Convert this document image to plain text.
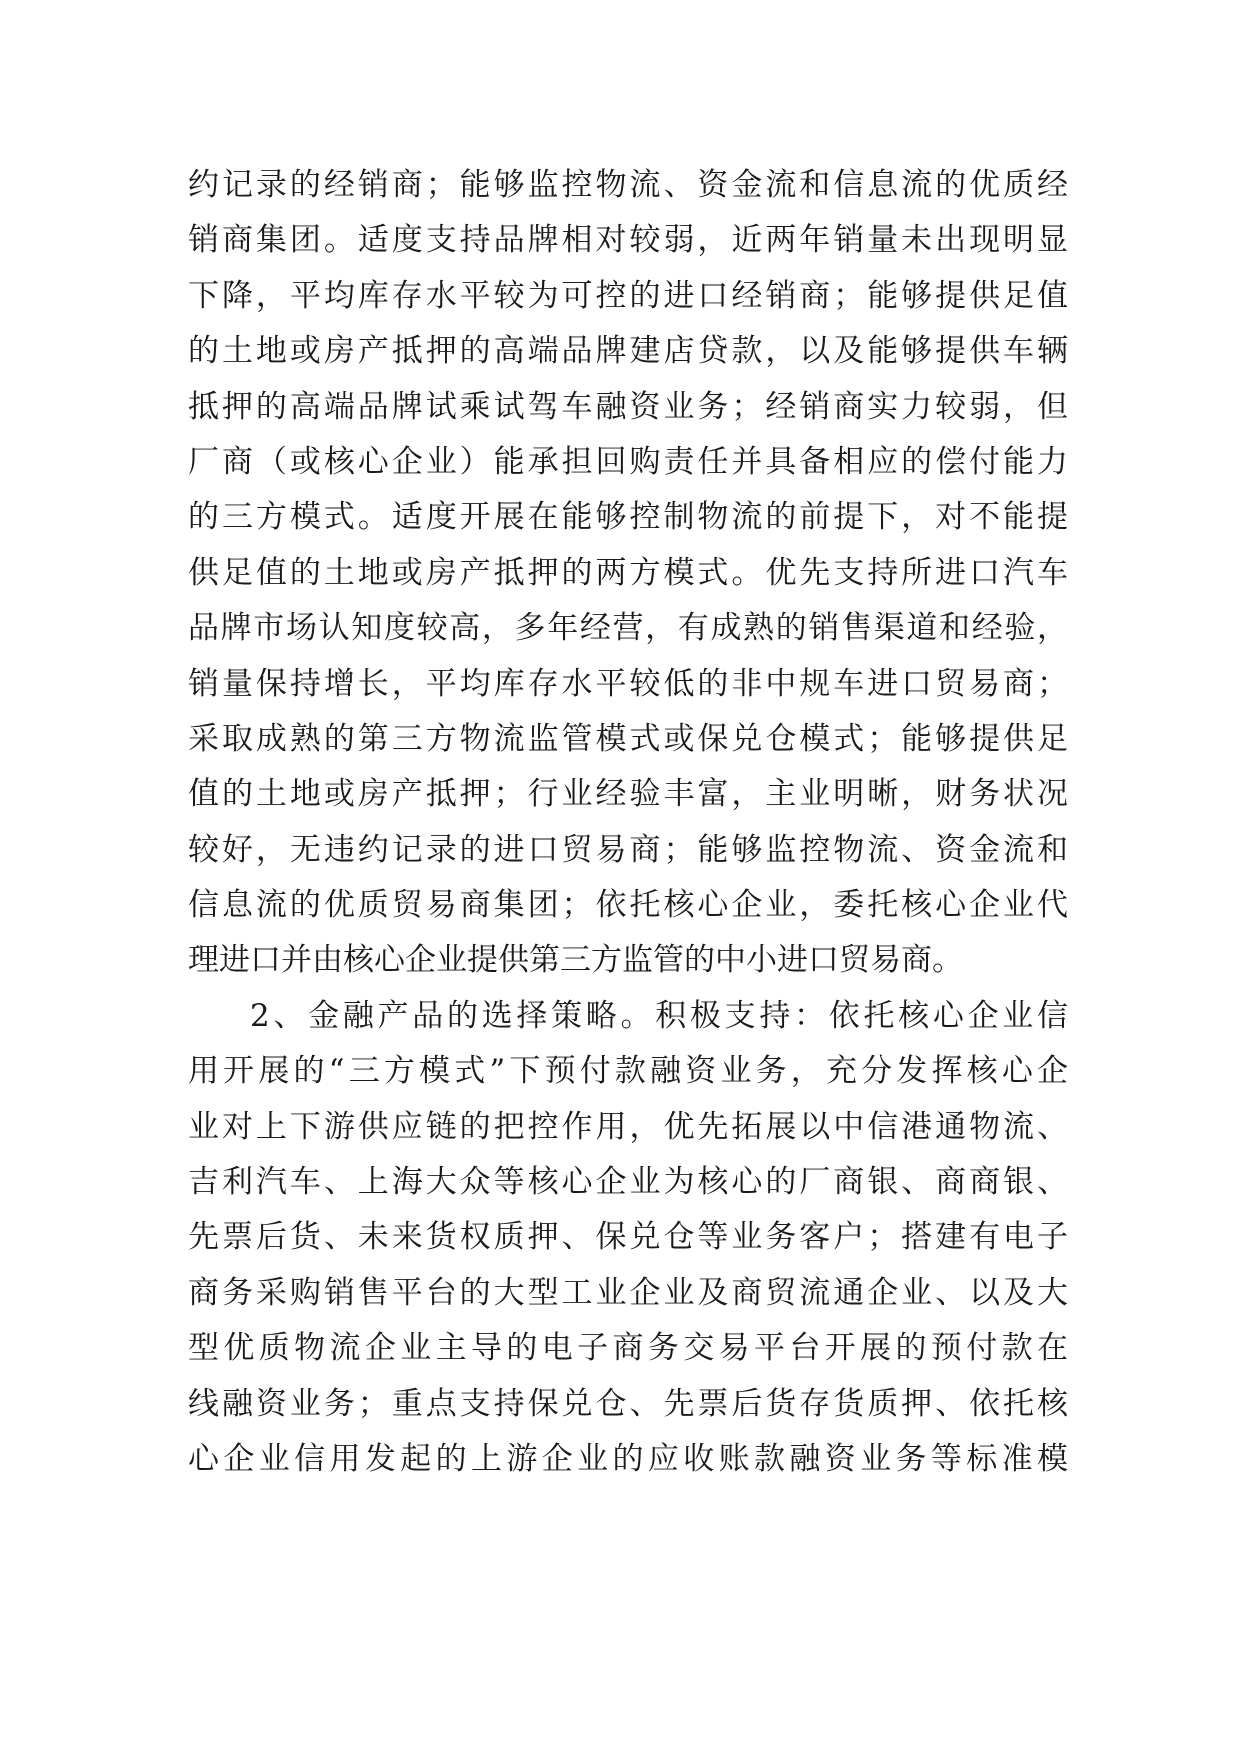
约记录的经销商；能够监控物流、资金流和信息流的优质经
销商集团。适度支持品牌相对较弱，近两年销量未出现明显
下降，平均库存水平较为可控的进口经销商；能够提供足值
的土地或房产抵押的高端品牌建店贷款，以及能够提供车辆
抵押的高端品牌试乘试驾车融资业务；经销商实力较弱，但
厂商（或核心企业）能承担回购责任并具备相应的偿付能力
的三方模式。适度开展在能够控制物流的前提下，对不能提
供足值的土地或房产抵押的两方模式。优先支持所进口汽车
品牌市场认知度较高，多年经营，有成熟的销售渠道和经验，
销量保持增长，平均库存水平较低的非中规车进口贸易商；
采取成熟的第三方物流监管模式或保兑仓模式；能够提供足
值的土地或房产抵押；行业经验丰富，主业明晰，财务状况
较好，无违约记录的进口贸易商；能够监控物流、资金流和
信息流的优质贸易商集团；依托核心企业，委托核心企业代
理进口并由核心企业提供第三方监管的中小进口贸易商。
2、金融产品的选择策略。积极支持：依托核心企业信
用开展的“三方模式”下预付款融资业务，充分发挥核心企
业对上下游供应链的把控作用，优先拓展以中信港通物流、
吉利汽车、上海大众等核心企业为核心的厂商银、商商银、
先票后货、未来货权质押、保兑仓等业务客户；搭建有电子
商务采购销售平台的大型工业企业及商贸流通企业、以及大
型优质物流企业主导的电子商务交易平台开展的预付款在
线融资业务；重点支持保兑仓、先票后货存货质押、依托核
心企业信用发起的上游企业的应收账款融资业务等标准模
